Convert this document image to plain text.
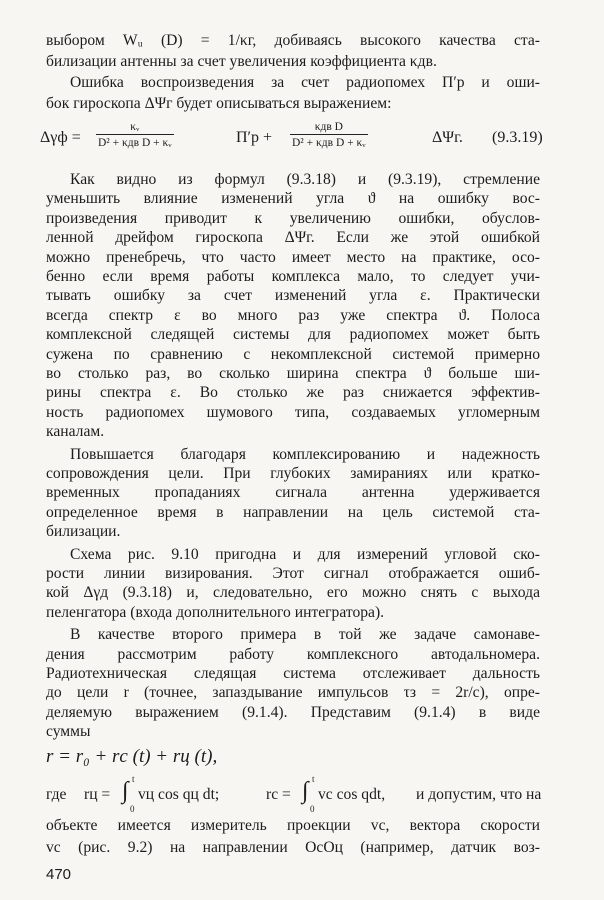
выбором Wᵤ (D) = 1/κг, добиваясь высокого качества ста-
билизации антенны за счет увеличения коэффициента κдв.
Ошибка воспроизведения за счет радиопомех П′р и оши-
бок гироскопа ΔΨг будет описываться выражением:
Δγф =
κᵥ
D² + κдв D + κᵥ	П′р +
κдв D
D² + κдв D + κᵥ	ΔΨг. (9.3.19)
Как видно из формул (9.3.18) и (9.3.19), стремление
уменьшить влияние изменений угла ϑ на ошибку вос-
произведения приводит к увеличению ошибки, обуслов-
ленной дрейфом гироскопа ΔΨг. Если же этой ошибкой
можно пренебречь, что часто имеет место на практике, осо-
бенно если время работы комплекса мало, то следует учи-
тывать ошибку за счет изменений угла ε. Практически
всегда спектр ε во много раз уже спектра ϑ. Полоса
комплексной следящей системы для радиопомех может быть
сужена по сравнению с некомплексной системой примерно
во столько раз, во сколько ширина спектра ϑ больше ши-
рины спектра ε. Во столько же раз снижается эффектив-
ность радиопомех шумового типа, создаваемых угломерным
каналам.
Повышается благодаря комплексированию и надежность
сопровождения цели. При глубоких замираниях или кратко-
временных пропаданиях сигнала антенна удерживается
определенное время в направлении на цель системой ста-
билизации.
Схема рис. 9.10 пригодна и для измерений угловой ско-
рости линии визирования. Этот сигнал отображается ошиб-
кой Δγд (9.3.18) и, следовательно, его можно снять с выхода
пеленгатора (входа дополнительного интегратора).
В качестве второго примера в той же задаче самонаве-
дения рассмотрим работу комплексного автодальномера.
Радиотехническая следящая система отслеживает дальность
до цели r (точнее, запаздывание импульсов τз = 2r/c), опре-
деляемую выражением (9.1.4). Представим (9.1.4) в виде
суммы
r = r₀ + rс (t) + rц (t),
где rц = ∫ t
0
vц cos qц dt;	rс = ∫ t
0
vс cos qdt, и допустим, что на
объекте имеется измеритель проекции vс, вектора скорости
vс (рис. 9.2) на направлении OсOц (например, датчик воз-
470
